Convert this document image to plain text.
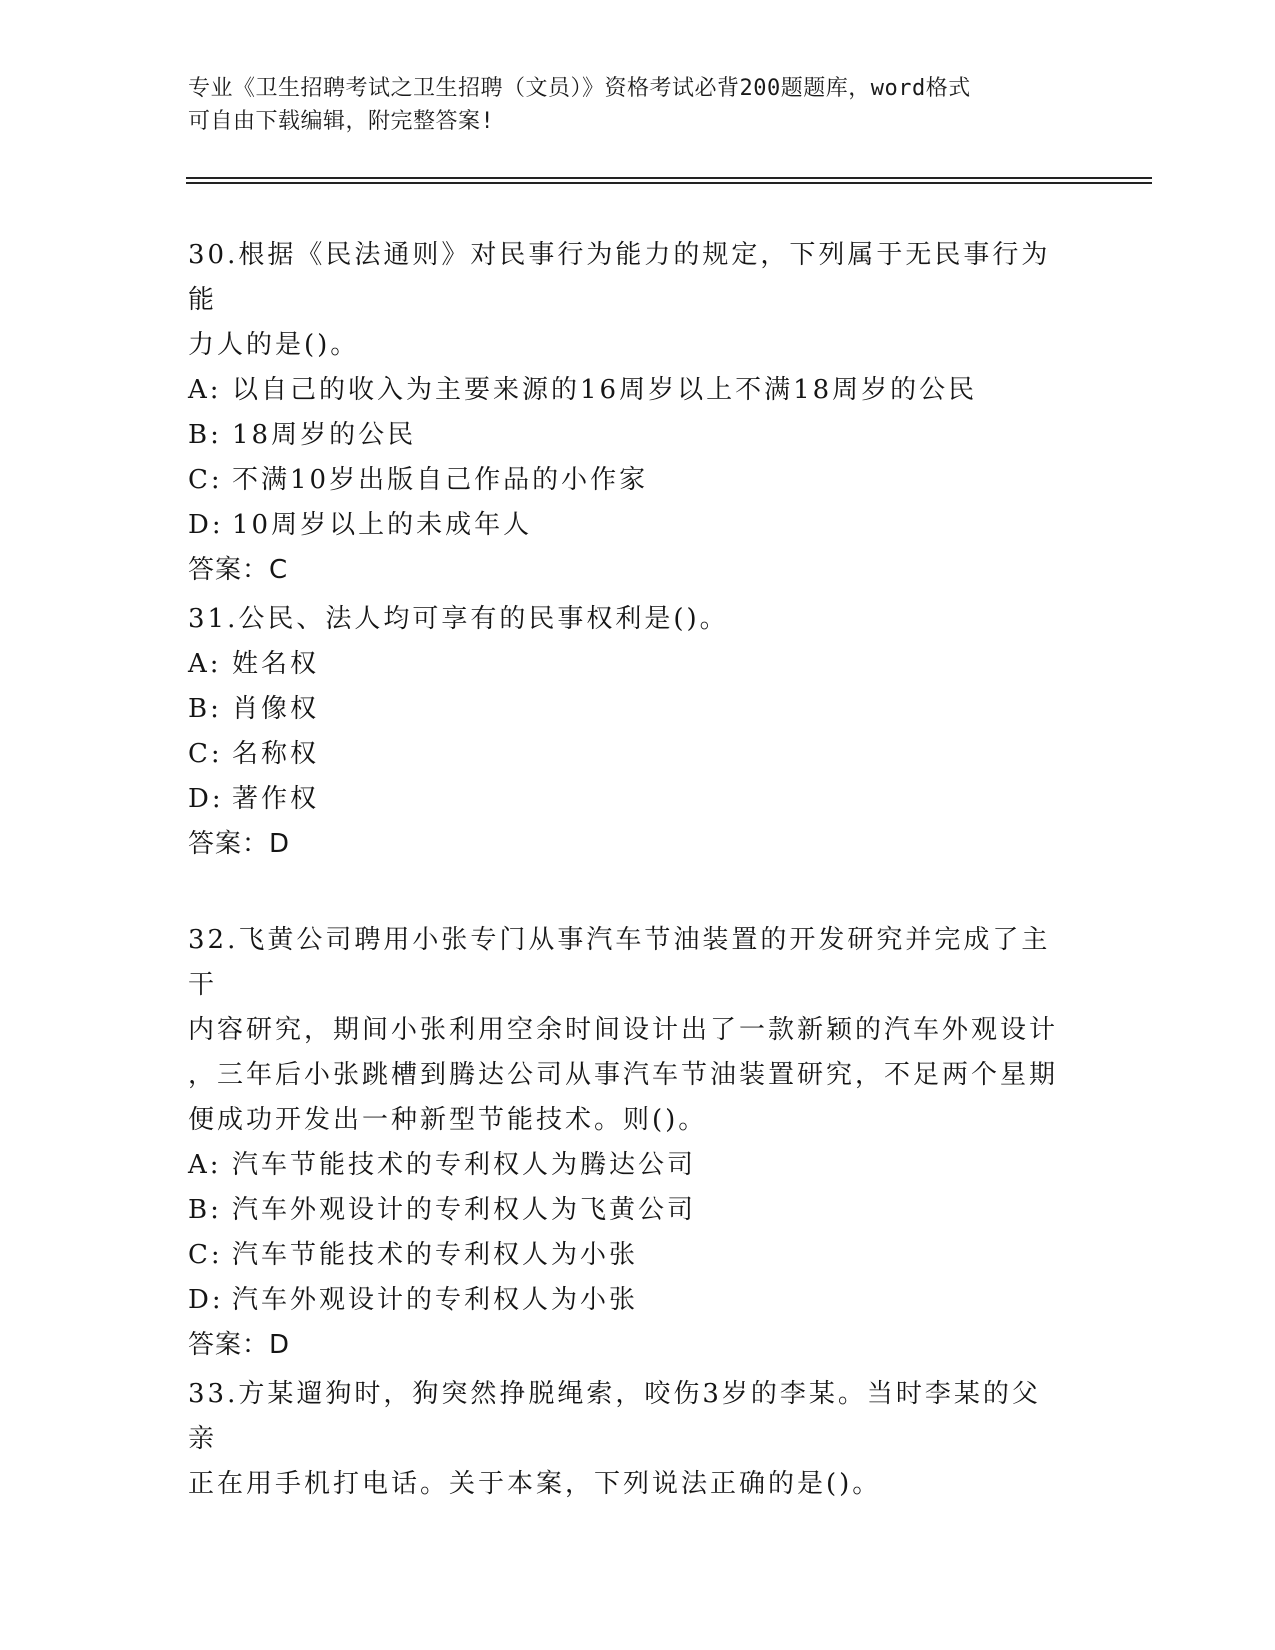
专业《卫生招聘考试之卫生招聘（文员）》资格考试必背200题题库，word格式
可自由下载编辑，附完整答案!

30.根据《民法通则》对民事行为能力的规定，下列属于无民事行为能

力人的是()。

A: 以自己的收入为主要来源的16周岁以上不满18周岁的公民

B: 18周岁的公民

C: 不满10岁出版自己作品的小作家

D: 10周岁以上的未成年人

答案：C

31.公民、法人均可享有的民事权利是()。

A: 姓名权

B: 肖像权

C: 名称权

D: 著作权

答案：D

32.飞黄公司聘用小张专门从事汽车节油装置的开发研究并完成了主干

内容研究，期间小张利用空余时间设计出了一款新颖的汽车外观设计

，三年后小张跳槽到腾达公司从事汽车节油装置研究，不足两个星期

便成功开发出一种新型节能技术。则()。

A: 汽车节能技术的专利权人为腾达公司

B: 汽车外观设计的专利权人为飞黄公司

C: 汽车节能技术的专利权人为小张

D: 汽车外观设计的专利权人为小张

答案：D

33.方某遛狗时，狗突然挣脱绳索，咬伤3岁的李某。当时李某的父亲

正在用手机打电话。关于本案，下列说法正确的是()。
